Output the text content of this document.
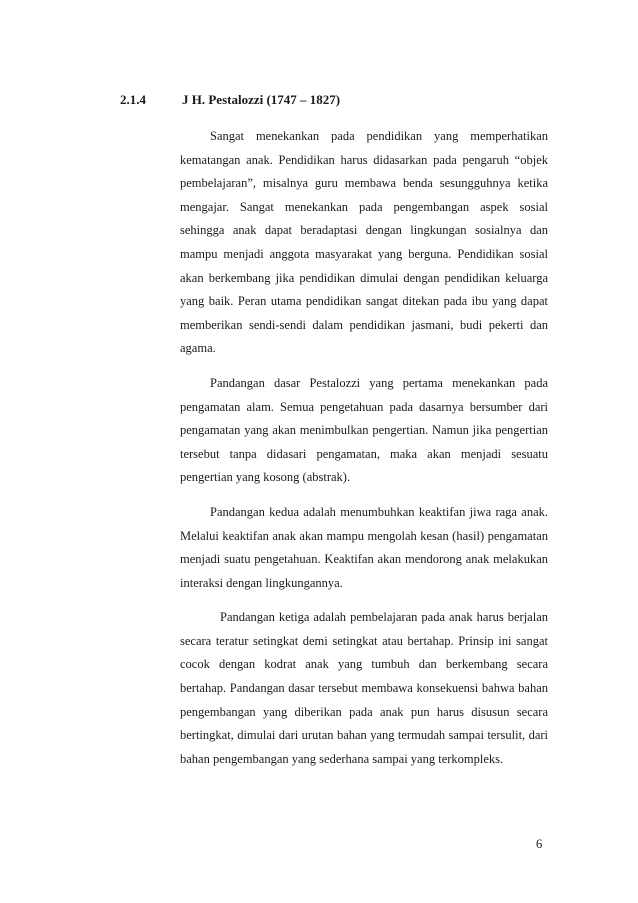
2.1.4	J H. Pestalozzi (1747 – 1827)

Sangat menekankan pada pendidikan yang memperhatikan kematangan anak. Pendidikan harus didasarkan pada pengaruh “objek pembelajaran”, misalnya guru membawa benda sesungguhnya ketika mengajar. Sangat menekankan pada pengembangan aspek sosial sehingga anak dapat beradaptasi dengan lingkungan sosialnya dan mampu menjadi anggota masyarakat yang berguna. Pendidikan sosial akan berkembang jika pendidikan dimulai dengan pendidikan keluarga yang baik. Peran utama pendidikan sangat ditekan pada ibu yang dapat memberikan sendi-sendi dalam pendidikan jasmani, budi pekerti dan agama.

Pandangan dasar Pestalozzi yang pertama menekankan pada pengamatan alam. Semua pengetahuan pada dasarnya bersumber dari pengamatan yang akan menimbulkan pengertian. Namun jika pengertian tersebut tanpa didasari pengamatan, maka akan menjadi sesuatu pengertian yang kosong (abstrak).

Pandangan kedua adalah menumbuhkan keaktifan jiwa raga anak. Melalui keaktifan anak akan mampu mengolah kesan (hasil) pengamatan menjadi suatu pengetahuan. Keaktifan akan mendorong anak melakukan interaksi dengan lingkungannya.

Pandangan ketiga adalah pembelajaran pada anak harus berjalan secara teratur setingkat demi setingkat atau bertahap. Prinsip ini sangat cocok dengan kodrat anak yang tumbuh dan berkembang secara bertahap. Pandangan dasar tersebut membawa konsekuensi bahwa bahan pengembangan yang diberikan pada anak pun harus disusun secara bertingkat, dimulai dari urutan bahan yang termudah sampai tersulit, dari bahan pengembangan yang sederhana sampai yang terkompleks.

6
